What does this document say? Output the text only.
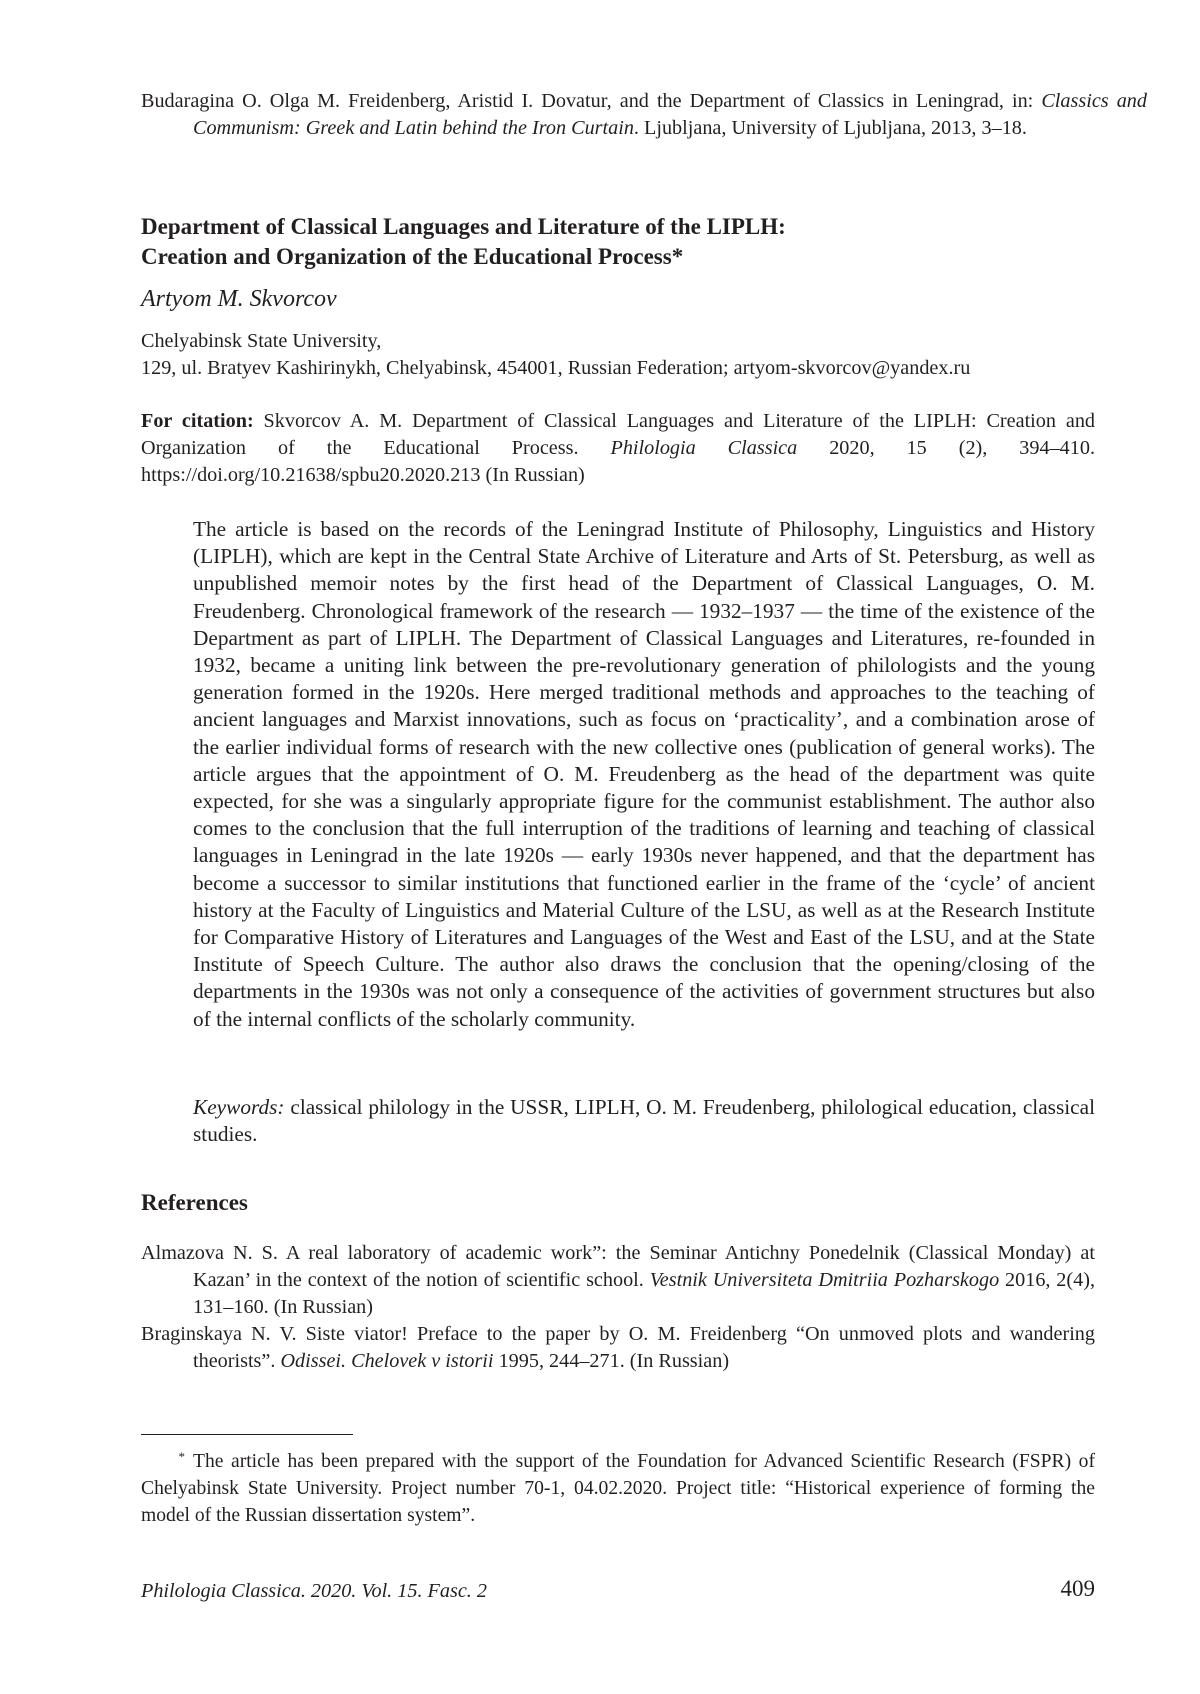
Budaragina O. Olga M. Freidenberg, Aristid I. Dovatur, and the Department of Classics in Leningrad, in: Classics and Communism: Greek and Latin behind the Iron Curtain. Ljubljana, University of Ljubljana, 2013, 3–18.

Department of Classical Languages and Literature of the LIPLH:
Creation and Organization of the Educational Process*

Artyom M. Skvorcov

Chelyabinsk State University,
129, ul. Bratyev Kashirinykh, Chelyabinsk, 454001, Russian Federation; artyom-skvorcov@yandex.ru

For citation: Skvorcov A. M. Department of Classical Languages and Literature of the LIPLH: Creation and Organization of the Educational Process. Philologia Classica 2020, 15 (2), 394–410. https://doi.org/10.21638/spbu20.2020.213 (In Russian)

The article is based on the records of the Leningrad Institute of Philosophy, Linguistics and History (LIPLH), which are kept in the Central State Archive of Literature and Arts of St. Petersburg, as well as unpublished memoir notes by the first head of the Department of Classical Languages, O. M. Freudenberg. Chronological framework of the research — 1932–1937 — the time of the existence of the Department as part of LIPLH. The Department of Classical Languages and Literatures, re-founded in 1932, became a uniting link between the pre-revolutionary generation of philologists and the young generation formed in the 1920s. Here merged traditional methods and approaches to the teaching of ancient languages and Marxist innovations, such as focus on ‘practicality’, and a combination arose of the earlier individual forms of research with the new collective ones (publication of general works). The article argues that the appointment of O. M. Freudenberg as the head of the department was quite expected, for she was a singularly appropriate figure for the communist establishment. The author also comes to the conclusion that the full interruption of the traditions of learning and teaching of classical languages in Leningrad in the late 1920s — early 1930s never happened, and that the department has become a successor to similar institutions that functioned earlier in the frame of the ‘cycle’ of ancient history at the Faculty of Linguistics and Material Culture of the LSU, as well as at the Research Institute for Comparative History of Literatures and Languages of the West and East of the LSU, and at the State Institute of Speech Culture. The author also draws the conclusion that the opening/closing of the departments in the 1930s was not only a consequence of the activities of government structures but also of the internal conflicts of the scholarly community.

Keywords: classical philology in the USSR, LIPLH, O. M. Freudenberg, philological education, classical studies.

References

Almazova N. S. A real laboratory of academic work”: the Seminar Antichny Ponedelnik (Classical Monday) at Kazan’ in the context of the notion of scientific school. Vestnik Universiteta Dmitriia Pozharskogo 2016, 2(4), 131–160. (In Russian)

Braginskaya N. V. Siste viator! Preface to the paper by O. M. Freidenberg “On unmoved plots and wandering theorists”. Odissei. Chelovek v istorii 1995, 244–271. (In Russian)

* The article has been prepared with the support of the Foundation for Advanced Scientific Research (FSPR) of Chelyabinsk State University. Project number 70-1, 04.02.2020. Project title: “Historical experience of forming the model of the Russian dissertation system”.

Philologia Classica. 2020. Vol. 15. Fasc. 2	409
